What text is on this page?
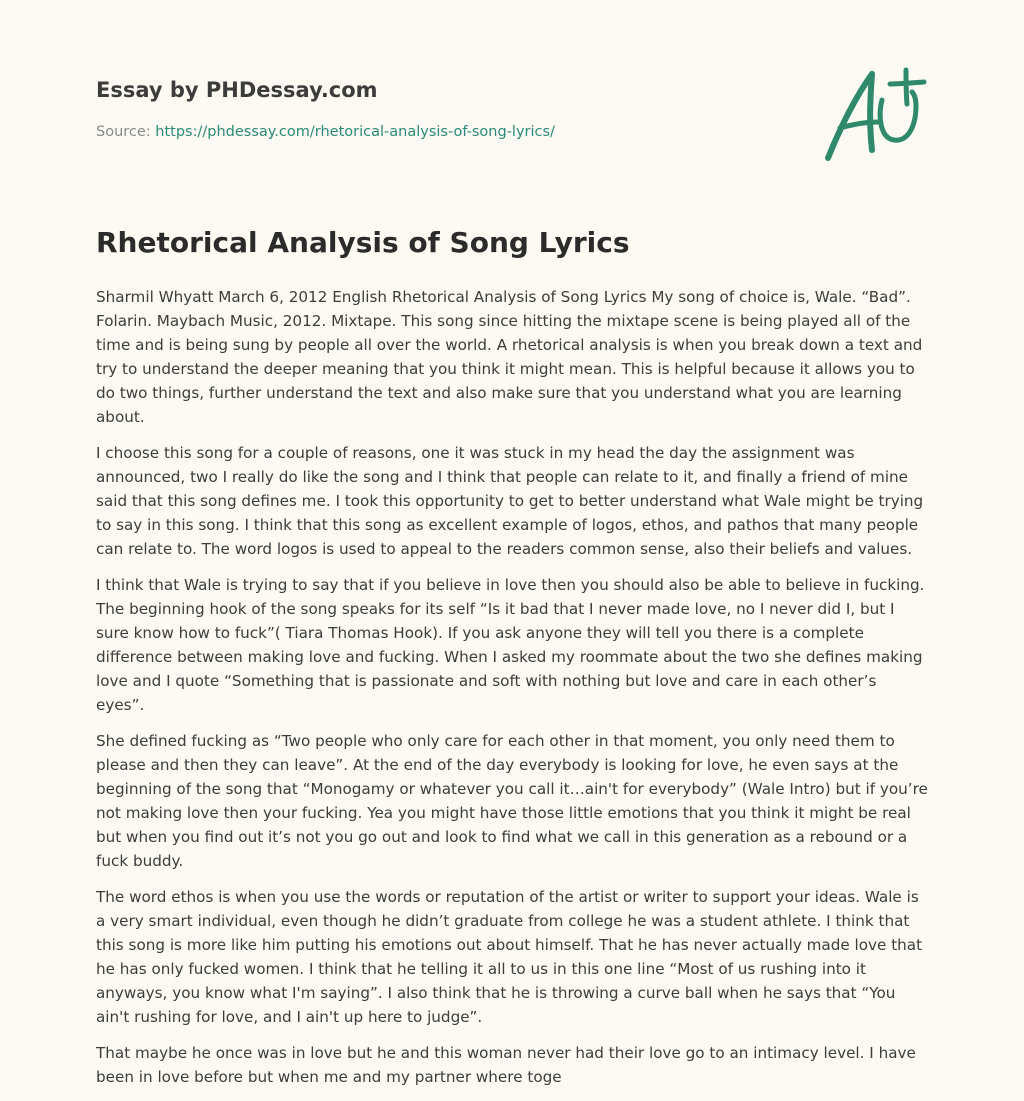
Essay by PHDessay.com
Source: https://phdessay.com/rhetorical-analysis-of-song-lyrics/
Rhetorical Analysis of Song Lyrics

Sharmil Whyatt March 6, 2012 English Rhetorical Analysis of Song Lyrics My song of choice is, Wale. “Bad”. Folarin. Maybach Music, 2012. Mixtape. This song since hitting the mixtape scene is being played all of the time and is being sung by people all over the world. A rhetorical analysis is when you break down a text and try to understand the deeper meaning that you think it might mean. This is helpful because it allows you to do two things, further understand the text and also make sure that you understand what you are learning about.

I choose this song for a couple of reasons, one it was stuck in my head the day the assignment was announced, two I really do like the song and I think that people can relate to it, and finally a friend of mine said that this song defines me. I took this opportunity to get to better understand what Wale might be trying to say in this song. I think that this song as excellent example of logos, ethos, and pathos that many people can relate to. The word logos is used to appeal to the readers common sense, also their beliefs and values.

I think that Wale is trying to say that if you believe in love then you should also be able to believe in fucking. The beginning hook of the song speaks for its self “Is it bad that I never made love, no I never did I, but I sure know how to fuck”( Tiara Thomas Hook). If you ask anyone they will tell you there is a complete difference between making love and fucking. When I asked my roommate about the two she defines making love and I quote “Something that is passionate and soft with nothing but love and care in each other’s eyes”.

She defined fucking as “Two people who only care for each other in that moment, you only need them to please and then they can leave”. At the end of the day everybody is looking for love, he even says at the beginning of the song that “Monogamy or whatever you call it…ain't for everybody” (Wale Intro) but if you’re not making love then your fucking. Yea you might have those little emotions that you think it might be real but when you find out it’s not you go out and look to find what we call in this generation as a rebound or a fuck buddy.

The word ethos is when you use the words or reputation of the artist or writer to support your ideas. Wale is a very smart individual, even though he didn’t graduate from college he was a student athlete. I think that this song is more like him putting his emotions out about himself. That he has never actually made love that he has only fucked women. I think that he telling it all to us in this one line “Most of us rushing into it anyways, you know what I'm saying”. I also think that he is throwing a curve ball when he says that “You ain't rushing for love, and I ain't up here to judge”.

That maybe he once was in love but he and this woman never had their love go to an intimacy level. I have been in love before but when me and my partner where toge
